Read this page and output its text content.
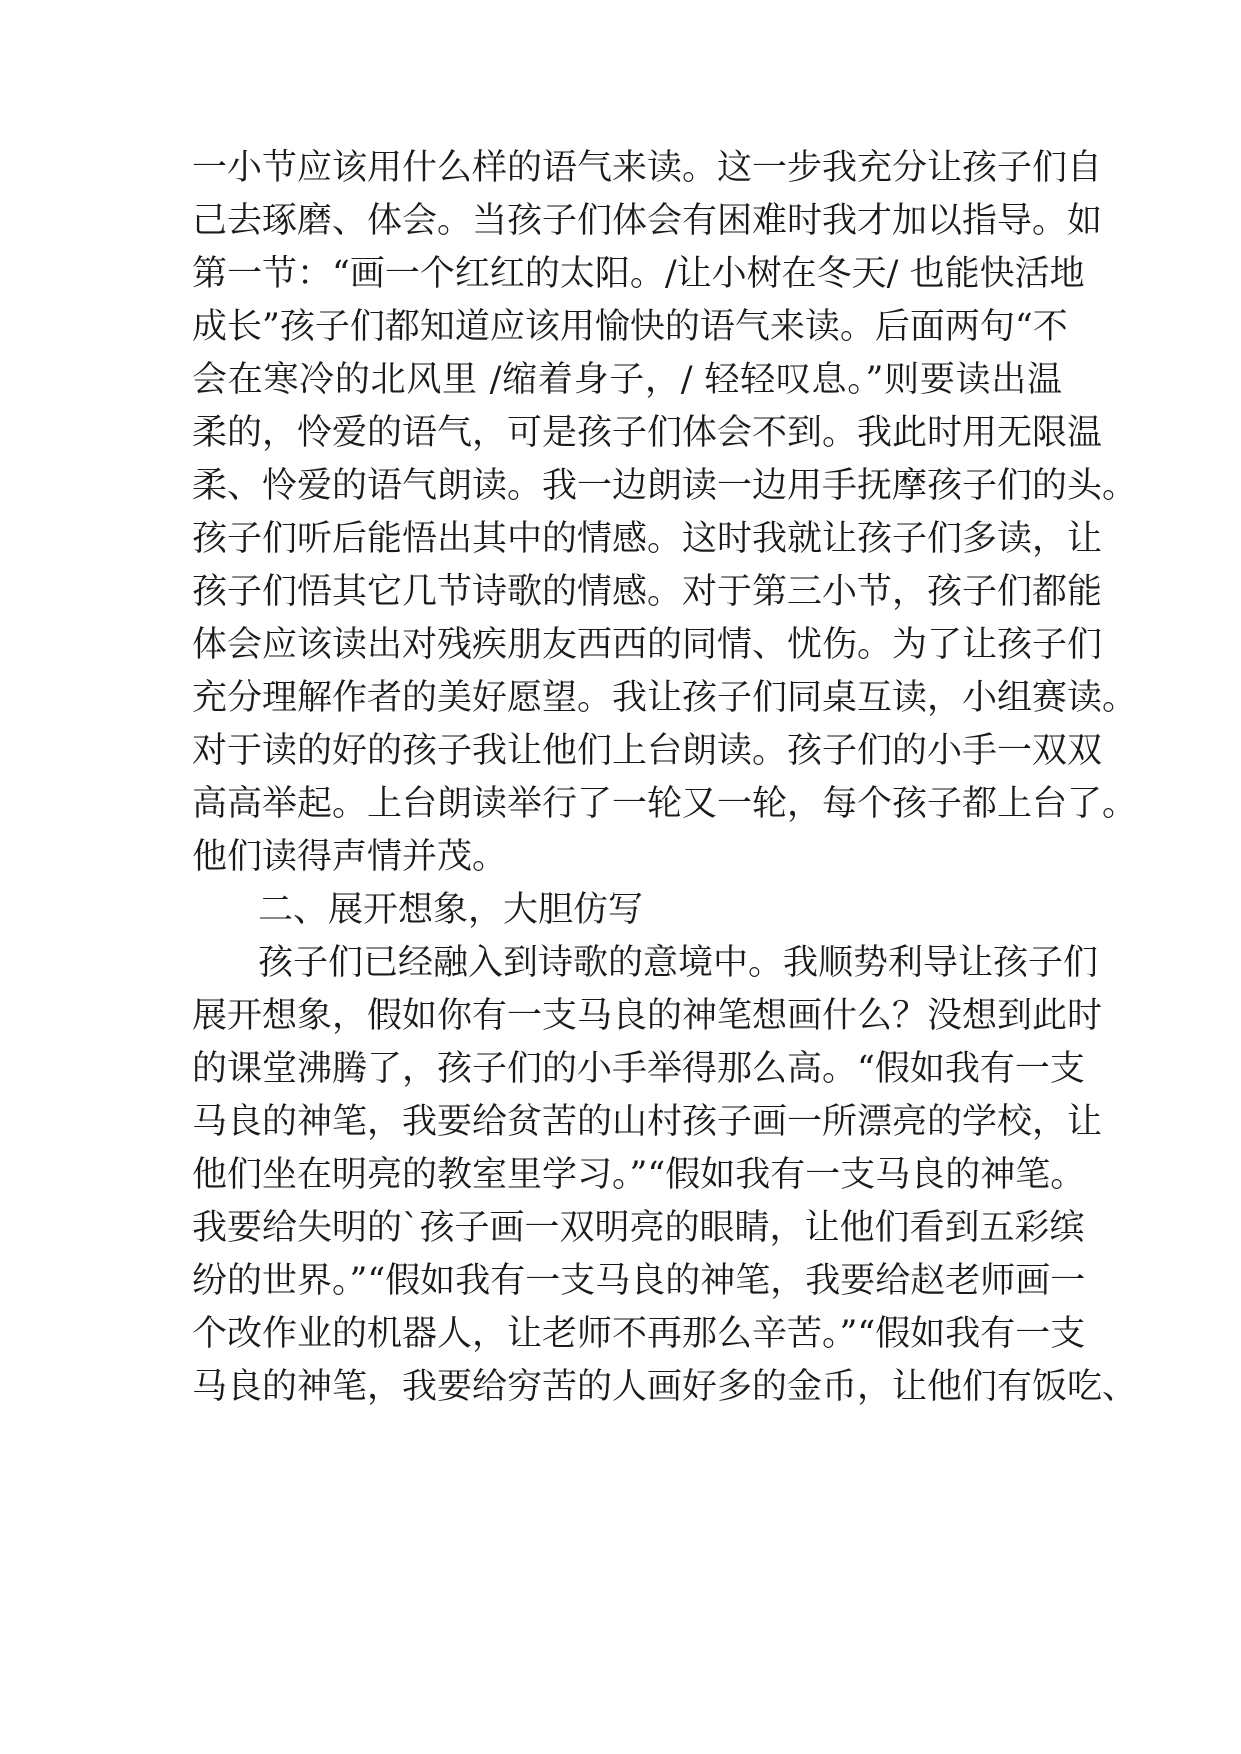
一小节应该用什么样的语气来读。这一步我充分让孩子们自
己去琢磨、体会。当孩子们体会有困难时我才加以指导。如
第一节：“画一个红红的太阳。/让小树在冬天/ 也能快活地
成长”孩子们都知道应该用愉快的语气来读。后面两句“不
会在寒冷的北风里 /缩着身子，/ 轻轻叹息。”则要读出温
柔的，怜爱的语气，可是孩子们体会不到。我此时用无限温
柔、怜爱的语气朗读。我一边朗读一边用手抚摩孩子们的头。
孩子们听后能悟出其中的情感。这时我就让孩子们多读，让
孩子们悟其它几节诗歌的情感。对于第三小节，孩子们都能
体会应该读出对残疾朋友西西的同情、忧伤。为了让孩子们
充分理解作者的美好愿望。我让孩子们同桌互读，小组赛读。
对于读的好的孩子我让他们上台朗读。孩子们的小手一双双
高高举起。上台朗读举行了一轮又一轮，每个孩子都上台了。
他们读得声情并茂。
二、展开想象，大胆仿写
孩子们已经融入到诗歌的意境中。我顺势利导让孩子们
展开想象，假如你有一支马良的神笔想画什么？没想到此时
的课堂沸腾了，孩子们的小手举得那么高。“假如我有一支
马良的神笔，我要给贫苦的山村孩子画一所漂亮的学校，让
他们坐在明亮的教室里学习。”“假如我有一支马良的神笔。
我要给失明的`孩子画一双明亮的眼睛，让他们看到五彩缤
纷的世界。”“假如我有一支马良的神笔，我要给赵老师画一
个改作业的机器人，让老师不再那么辛苦。”“假如我有一支
马良的神笔，我要给穷苦的人画好多的金币，让他们有饭吃、
